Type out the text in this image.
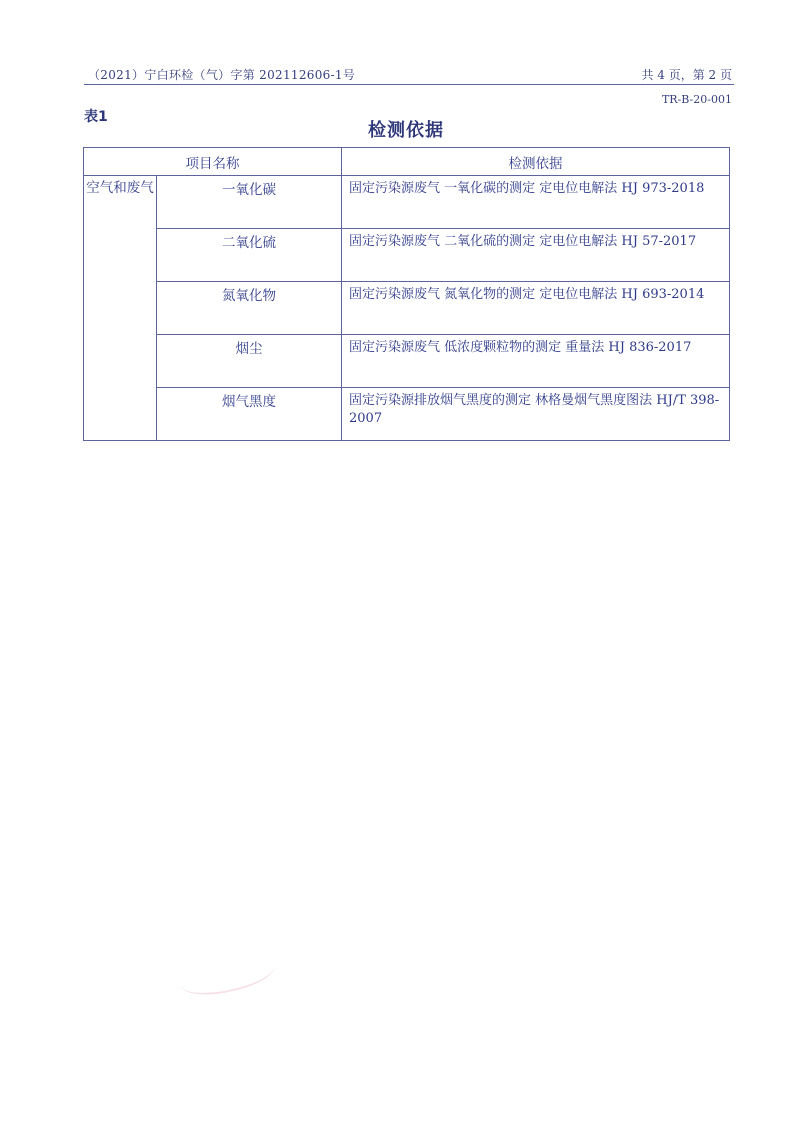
（2021）宁白环检（气）字第 202112606-1号	共 4 页，第 2 页
TR-B-20-001
表1
检测依据
项目名称		检测依据
空气和废气	一氧化碳	固定污染源废气 一氧化碳的测定 定电位电解法 HJ 973-2018
	二氧化硫	固定污染源废气 二氧化硫的测定 定电位电解法 HJ 57-2017
	氮氧化物	固定污染源废气 氮氧化物的测定 定电位电解法 HJ 693-2014
	烟尘	固定污染源废气 低浓度颗粒物的测定 重量法 HJ 836-2017
	烟气黑度	固定污染源排放烟气黑度的测定 林格曼烟气黑度图法 HJ/T 398-2007
